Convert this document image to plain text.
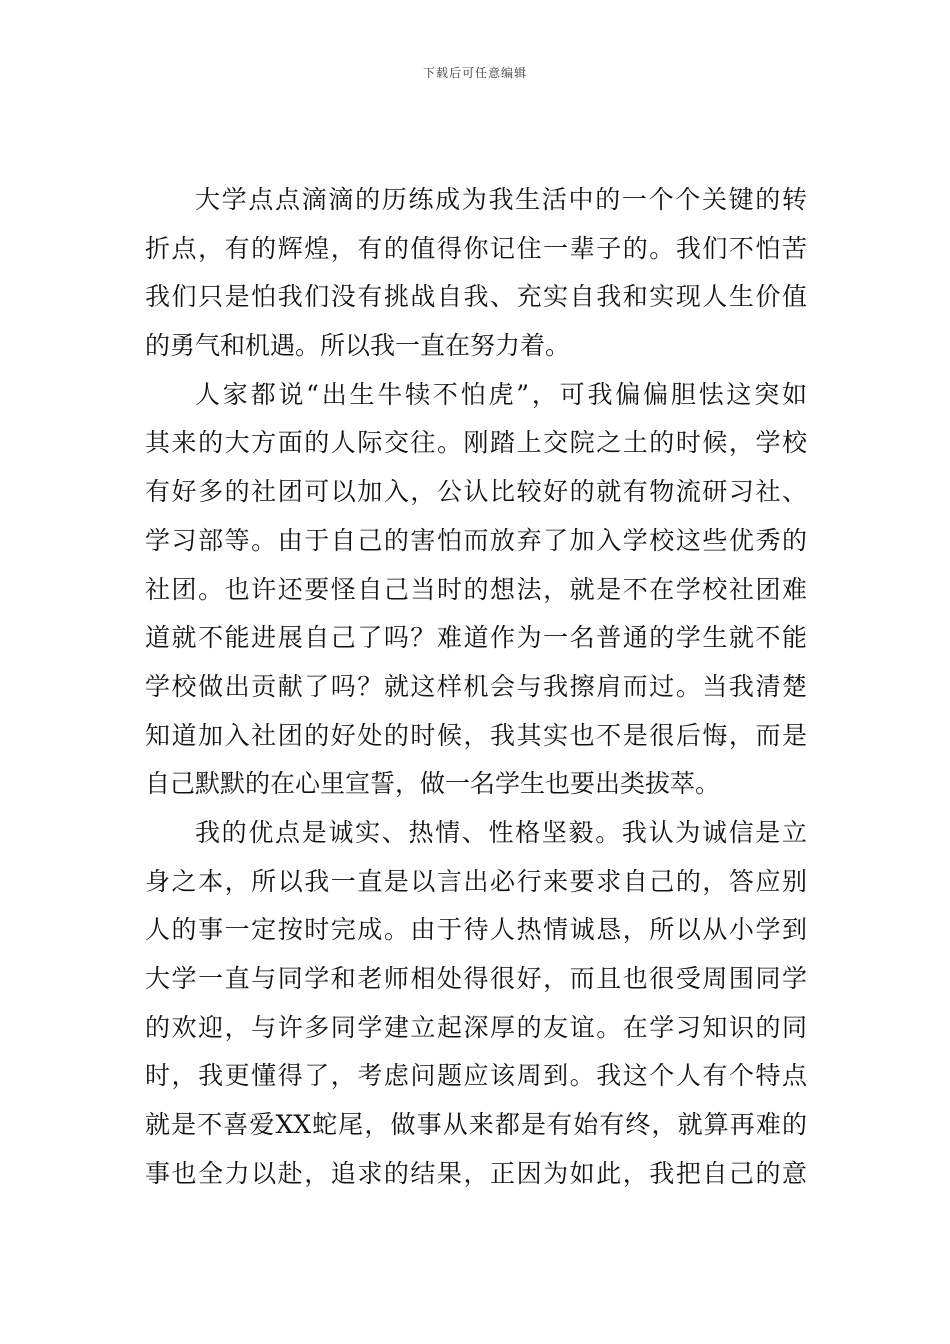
下载后可任意编辑
大学点点滴滴的历练成为我生活中的一个个关键的转
折点，有的辉煌，有的值得你记住一辈子的。我们不怕苦
我们只是怕我们没有挑战自我、充实自我和实现人生价值
的勇气和机遇。所以我一直在努力着。
人家都说“出生牛犊不怕虎”，可我偏偏胆怯这突如
其来的大方面的人际交往。刚踏上交院之土的时候，学校
有好多的社团可以加入，公认比较好的就有物流研习社、
学习部等。由于自己的害怕而放弃了加入学校这些优秀的
社团。也许还要怪自己当时的想法，就是不在学校社团难
道就不能进展自己了吗？难道作为一名普通的学生就不能
学校做出贡献了吗？就这样机会与我擦肩而过。当我清楚
知道加入社团的好处的时候，我其实也不是很后悔，而是
自己默默的在心里宣誓，做一名学生也要出类拔萃。
我的优点是诚实、热情、性格坚毅。我认为诚信是立
身之本，所以我一直是以言出必行来要求自己的，答应别
人的事一定按时完成。由于待人热情诚恳，所以从小学到
大学一直与同学和老师相处得很好，而且也很受周围同学
的欢迎，与许多同学建立起深厚的友谊。在学习知识的同
时，我更懂得了，考虑问题应该周到。我这个人有个特点
就是不喜爱XX蛇尾，做事从来都是有始有终，就算再难的
事也全力以赴，追求的结果，正因为如此，我把自己的意
